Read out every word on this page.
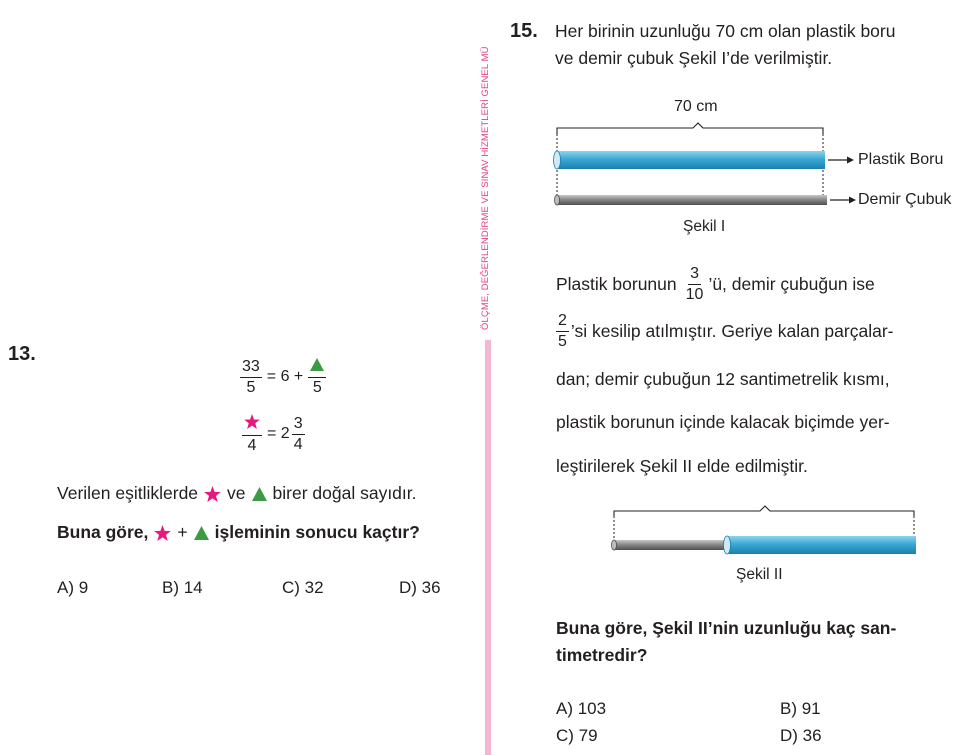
ÖLÇME, DEĞERLENDİRME VE SINAV HİZMETLERİ GENEL MÜ
13.
$\frac{33}{5} = 6$ +
5
4
= $2 \frac{3}{4}$
Verilen eşitliklerde ve birer doğal sayıdır.
Buna göre, + işleminin sonucu kaçtır?
A) 9	B) 14	C) 32	D) 36
15. Her birinin uzunluğu 70 cm olan plastik boru
ve demir çubuk Şekil I’de verilmiştir.
70 cm
Plastik Boru
Demir Çubuk
Şekil I
Plastik borunun $\frac{3}{10}$ ’ü, demir çubuğun ise
$\frac{2}{5}$ ’si kesilip atılmıştır. Geriye kalan parçalar-
dan; demir çubuğun 12 santimetrelik kısmı,
plastik borunun içinde kalacak biçimde yer-
leştirilerek Şekil II elde edilmiştir.
Şekil II
Buna göre, Şekil II’nin uzunluğu kaç san-
timetredir?
A) 103	B) 91
C) 79	D) 36
